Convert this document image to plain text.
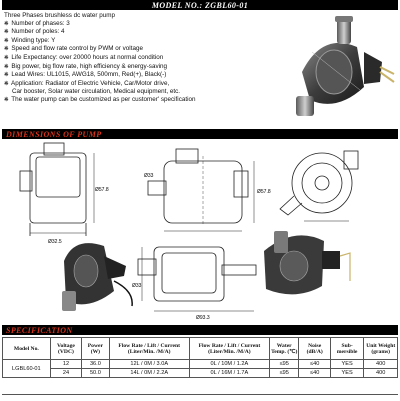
MODEL NO.: ZGBL60-01
Three Phases brushless dc water pump
※ Number of phases: 3
※ Number of poles: 4
※ Winding type: Y
※ Speed and flow rate control by PWM or voltage
※ Life Expectancy: over 20000 hours at normal condition
※ Big power, big flow rate, high efficiency & energy-saving
※ Lead Wires: UL1015, AWG18, 500mm, Red(+), Black(-)
※ Application: Radiator of Electric Vehicle, Car/Motor drive,
Car booster, Solar water circulation, Medical equipment, etc.
※ The water pump can be customized as per customer' specification
DIMENSIONS OF PUMP
Ø32.5
Ø57.8	Ø57.8
Ø33
Ø33
Ø93.3
SPECIFICATION
Model No.	Voltage (VDC)	Power (W)	Flow Rate / Lift / Current (Liter/Min. /M/A)	Flow Rate / Lift / Current (Liter/Min. /M/A)	Water Temp. (℃)	Noise (dB/A)	Sub-mersible	Unit Weight (grams)
LGBL60-01	12	36.0	12L / 0M / 3.0A	0L / 10M / 1.2A	≤95	≤40	YES	400
	24	50.0	14L / 0M / 2.2A	0L / 16M / 1.7A	≤95	≤40	YES	400
